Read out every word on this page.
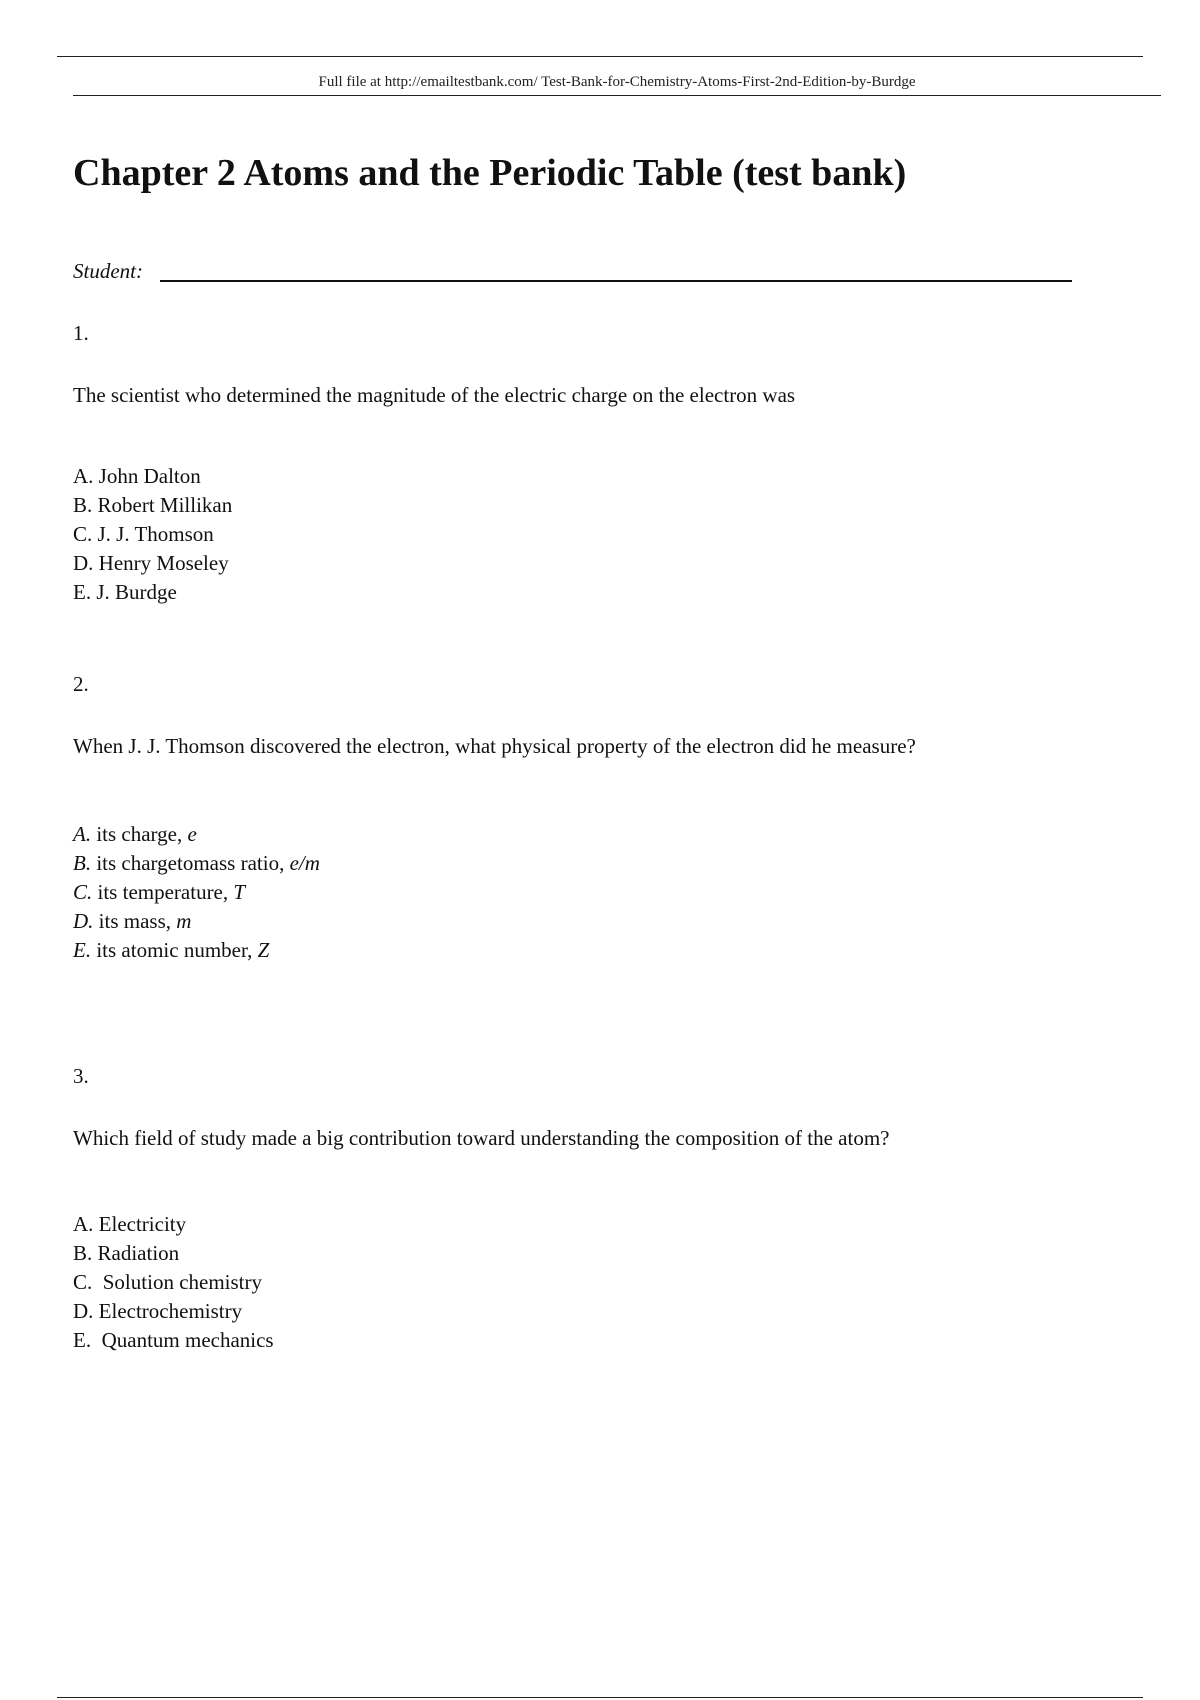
Full file at http://emailtestbank.com/ Test-Bank-for-Chemistry-Atoms-First-2nd-Edition-by-Burdge
Chapter 2 Atoms and the Periodic Table (test bank)
Student:
1.
The scientist who determined the magnitude of the electric charge on the electron was
A. John Dalton
B. Robert Millikan
C. J. J. Thomson
D. Henry Moseley
E. J. Burdge
2.
When J. J. Thomson discovered the electron, what physical property of the electron did he measure?
A. its charge, e
B. its chargetomass ratio, e/m
C. its temperature, T
D. its mass, m
E. its atomic number, Z
3.
Which field of study made a big contribution toward understanding the composition of the atom?
A. Electricity
B. Radiation
C.  Solution chemistry
D. Electrochemistry
E.  Quantum mechanics
